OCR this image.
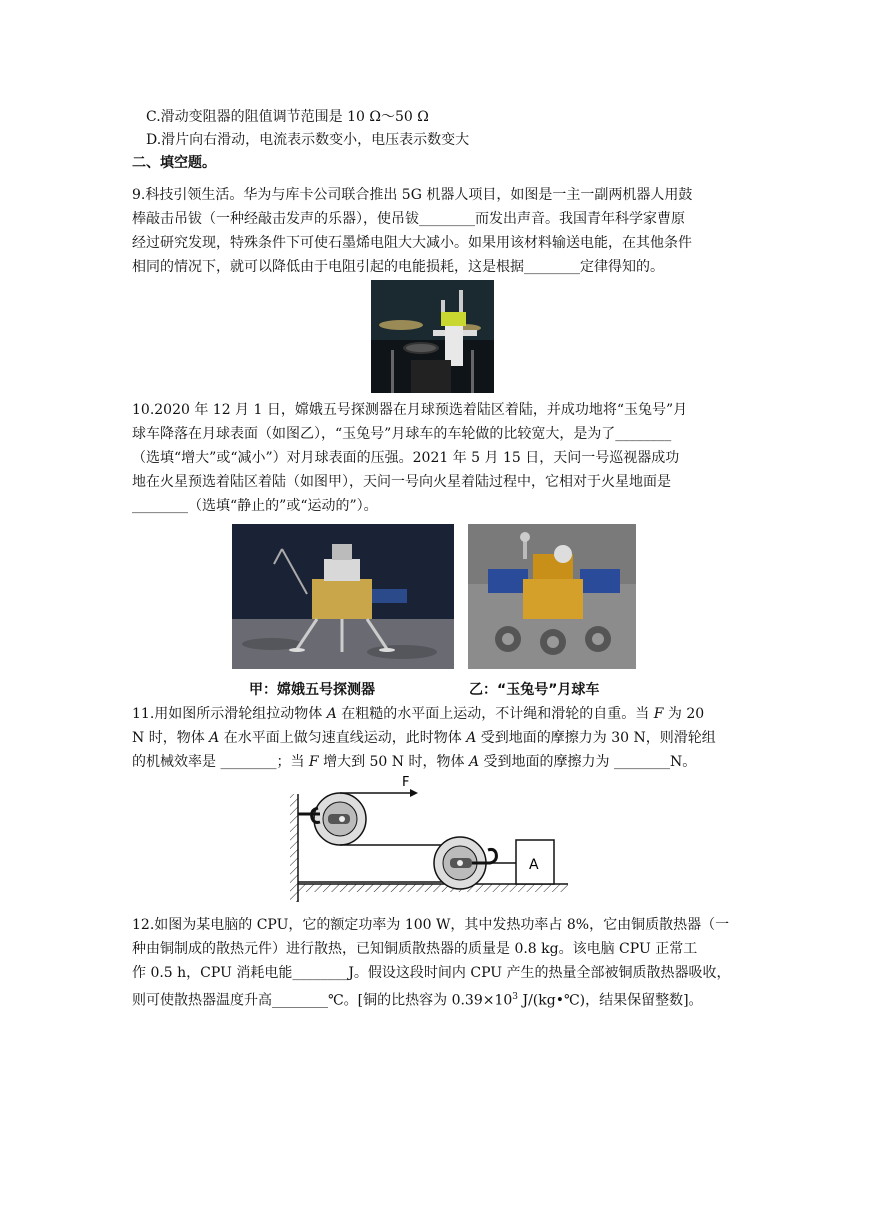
C.滑动变阻器的阻值调节范围是 10 Ω～50 Ω
D.滑片向右滑动，电流表示数变小，电压表示数变大
二、填空题。
9.科技引领生活。华为与库卡公司联合推出 5G 机器人项目，如图是一主一副两机器人用鼓
棒敲击吊钹（一种经敲击发声的乐器），使吊钹________而发出声音。我国青年科学家曹原
经过研究发现，特殊条件下可使石墨烯电阻大大减小。如果用该材料输送电能，在其他条件
相同的情况下，就可以降低由于电阻引起的电能损耗，这是根据________定律得知的。
10.2020 年 12 月 1 日，嫦娥五号探测器在月球预选着陆区着陆，并成功地将“玉兔号”月
球车降落在月球表面（如图乙），“玉兔号”月球车的车轮做的比较宽大，是为了________
（选填“增大”或“减小”）对月球表面的压强。2021 年 5 月 15 日，天问一号巡视器成功
地在火星预选着陆区着陆（如图甲），天问一号向火星着陆过程中，它相对于火星地面是
________（选填“静止的”或“运动的”）。
甲：嫦娥五号探测器	乙：“玉兔号”月球车
11.用如图所示滑轮组拉动物体 A 在粗糙的水平面上运动，不计绳和滑轮的自重。当 F 为 20
N 时，物体 A 在水平面上做匀速直线运动，此时物体 A 受到地面的摩擦力为 30 N，则滑轮组
的机械效率是 ________；当 F 增大到 50 N 时，物体 A 受到地面的摩擦力为 ________N。
F
A
12.如图为某电脑的 CPU，它的额定功率为 100 W，其中发热功率占 8%，它由铜质散热器（一
种由铜制成的散热元件）进行散热，已知铜质散热器的质量是 0.8 kg。该电脑 CPU 正常工
作 0.5 h，CPU 消耗电能________J。假设这段时间内 CPU 产生的热量全部被铜质散热器吸收，
则可使散热器温度升高________℃。[铜的比热容为 $0.39\times 10^3$ J/(kg•℃)，结果保留整数]。
